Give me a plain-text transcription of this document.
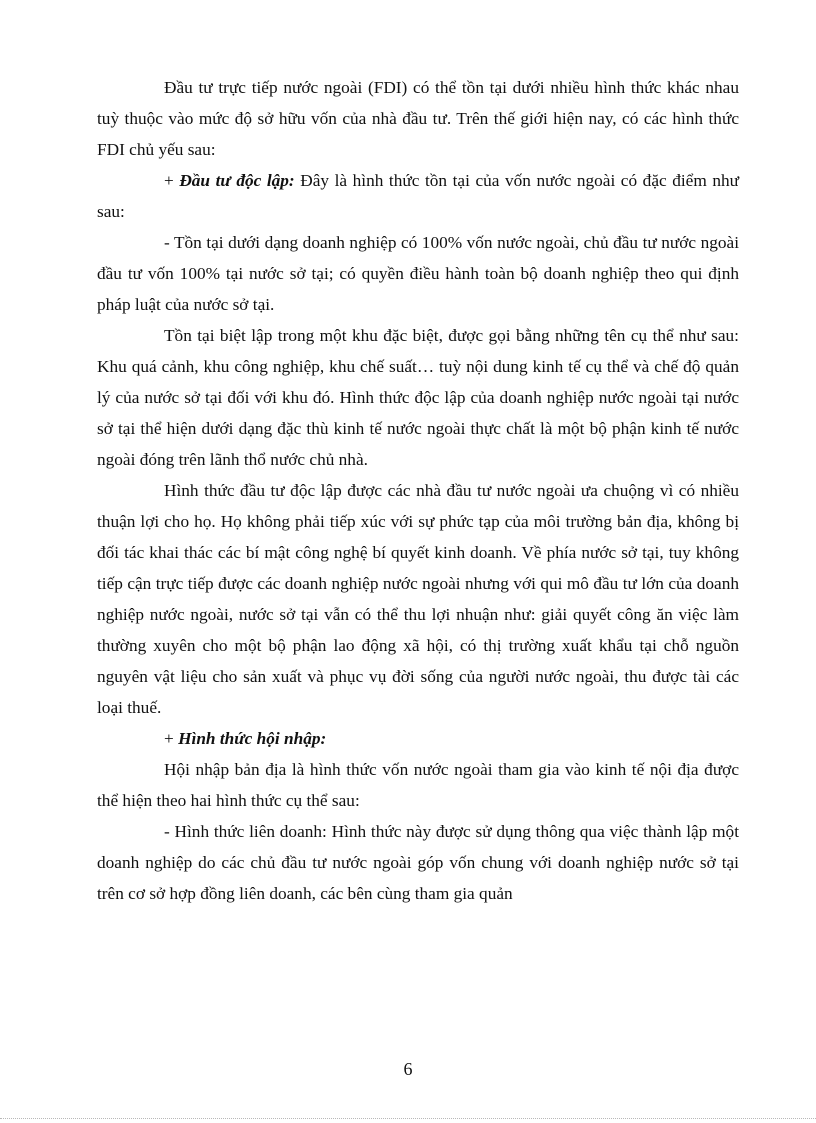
Đầu tư trực tiếp nước ngoài (FDI) có thể tồn tại dưới nhiều hình thức khác nhau tuỳ thuộc vào mức độ sở hữu vốn của nhà đầu tư. Trên thế giới hiện nay, có các hình thức FDI chủ yếu sau:

+ Đầu tư độc lập: Đây là hình thức tồn tại của vốn nước ngoài có đặc điểm như sau:

- Tồn tại dưới dạng doanh nghiệp có 100% vốn nước ngoài, chủ đầu tư nước ngoài đầu tư vốn 100% tại nước sở tại; có quyền điều hành toàn bộ doanh nghiệp theo qui định pháp luật của nước sở tại.

Tồn tại biệt lập trong một khu đặc biệt, được gọi bằng những tên cụ thể như sau: Khu quá cảnh, khu công nghiệp, khu chế suất… tuỳ nội dung kinh tế cụ thể và chế độ quản lý của nước sở tại đối với khu đó. Hình thức độc lập của doanh nghiệp nước ngoài tại nước sở tại thể hiện dưới dạng đặc thù kinh tế nước ngoài thực chất là một bộ phận kinh tế nước ngoài đóng trên lãnh thổ nước chủ nhà.

Hình thức đầu tư độc lập được các nhà đầu tư nước ngoài ưa chuộng vì có nhiều thuận lợi cho họ. Họ không phải tiếp xúc với sự phức tạp của môi trường bản địa, không bị đối tác khai thác các bí mật công nghệ bí quyết kinh doanh. Về phía nước sở tại, tuy không tiếp cận trực tiếp được các doanh nghiệp nước ngoài nhưng với qui mô đầu tư lớn của doanh nghiệp nước ngoài, nước sở tại vẫn có thể thu lợi nhuận như: giải quyết công ăn việc làm thường xuyên cho một bộ phận lao động xã hội, có thị trường xuất khẩu tại chỗ nguồn nguyên vật liệu cho sản xuất và phục vụ đời sống của người nước ngoài, thu được tài các loại thuế.

+ Hình thức hội nhập:

Hội nhập bản địa là hình thức vốn nước ngoài tham gia vào kinh tế nội địa được thể hiện theo hai hình thức cụ thể sau:

- Hình thức liên doanh: Hình thức này được sử dụng thông qua việc thành lập một doanh nghiệp do các chủ đầu tư nước ngoài góp vốn chung với doanh nghiệp nước sở tại trên cơ sở hợp đồng liên doanh, các bên cùng tham gia quản

6
